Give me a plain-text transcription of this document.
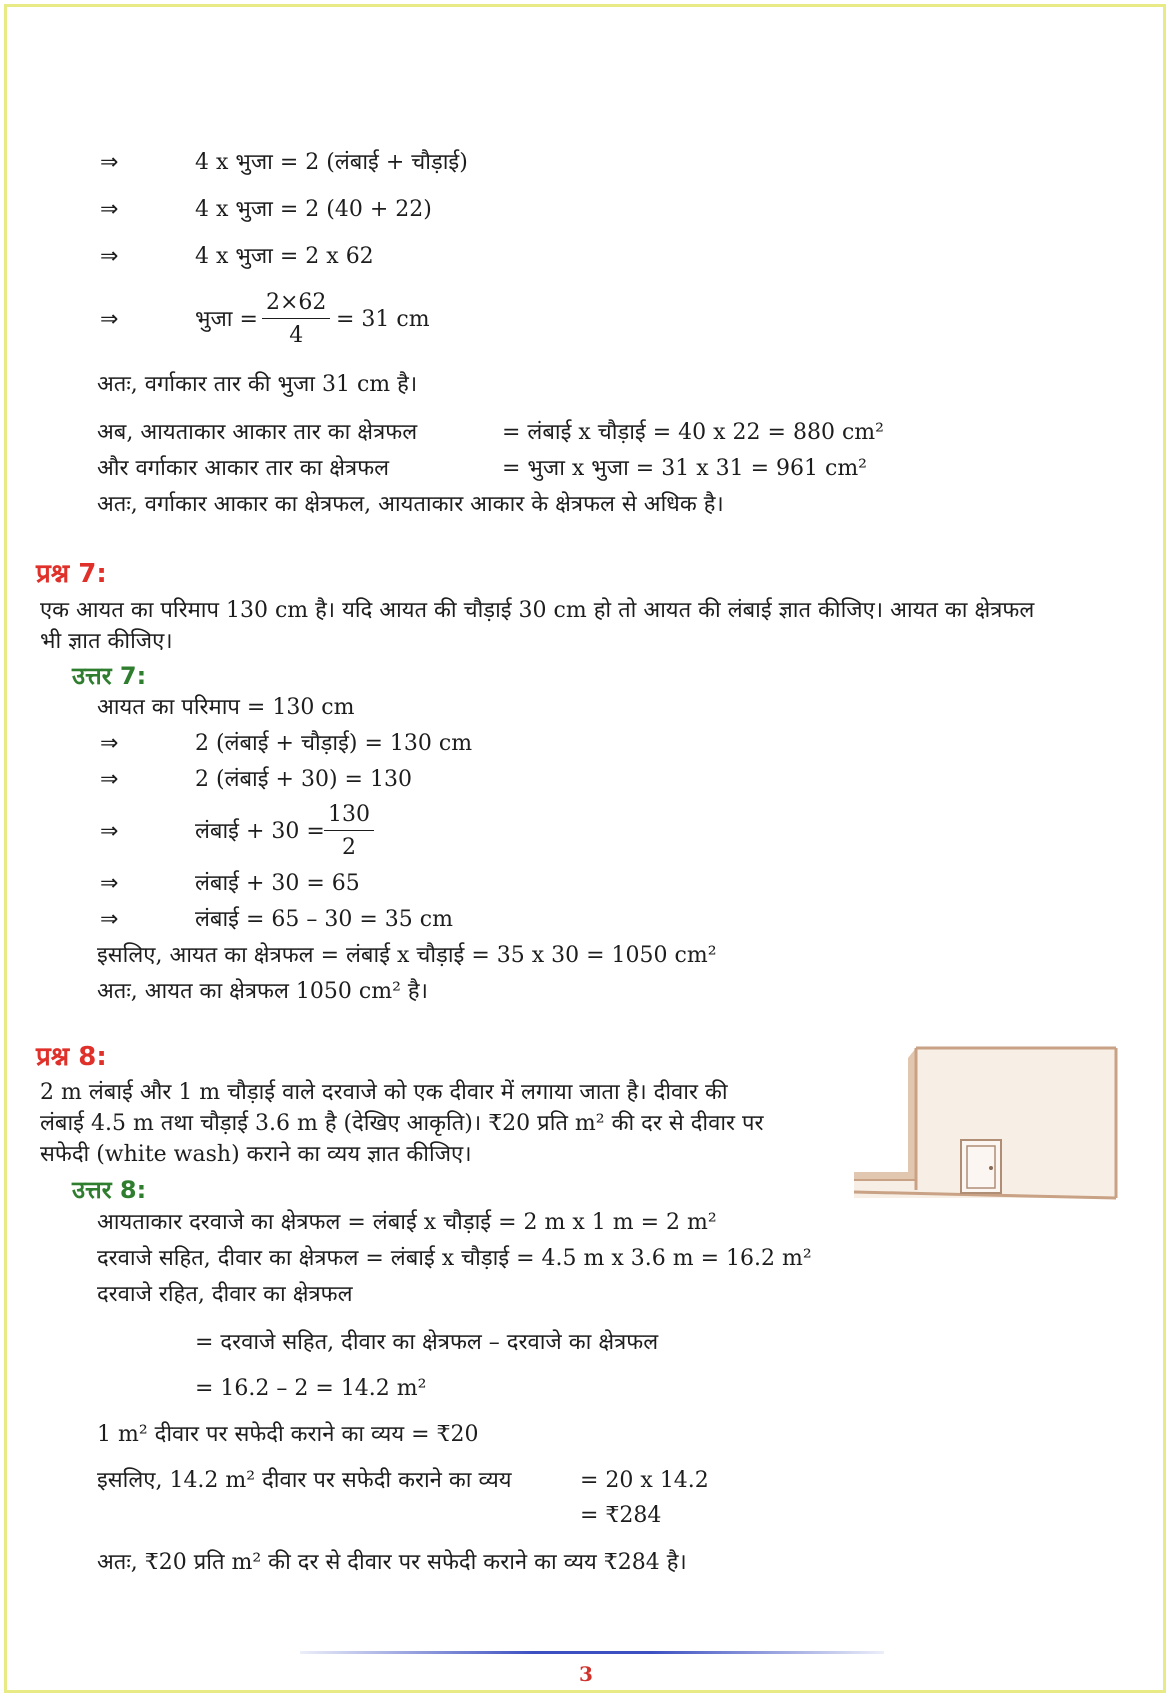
⇒	4 x भुजा = 2 (लंबाई + चौड़ाई)
⇒	4 x भुजा = 2 (40 + 22)
⇒	4 x भुजा = 2 x 62
⇒	भुजा = $\frac{2\times 62}{4} = 31$ cm
अतः, वर्गाकार तार की भुजा 31 cm है।
अब, आयताकार आकार तार का क्षेत्रफल	= लंबाई x चौड़ाई = 40 x 22 = 880 cm²
और वर्गाकार आकार तार का क्षेत्रफल	= भुजा x भुजा = 31 x 31 = 961 cm²
अतः, वर्गाकार आकार का क्षेत्रफल, आयताकार आकार के क्षेत्रफल से अधिक है।
प्रश्न 7:
एक आयत का परिमाप 130 cm है। यदि आयत की चौड़ाई 30 cm हो तो आयत की लंबाई ज्ञात कीजिए। आयत का क्षेत्रफल
भी ज्ञात कीजिए।
उत्तर 7:
आयत का परिमाप = 130 cm
⇒	2 (लंबाई + चौड़ाई) = 130 cm
⇒	2 (लंबाई + 30) = 130
⇒	लंबाई + $30 = \frac{130}{2}$
⇒	लंबाई + 30 = 65
⇒	लंबाई = 65 – 30 = 35 cm
इसलिए, आयत का क्षेत्रफल = लंबाई x चौड़ाई = 35 x 30 = 1050 cm²
अतः, आयत का क्षेत्रफल 1050 cm² है।
प्रश्न 8:
2 m लंबाई और 1 m चौड़ाई वाले दरवाजे को एक दीवार में लगाया जाता है। दीवार की
लंबाई 4.5 m तथा चौड़ाई 3.6 m है (देखिए आकृति)। ₹20 प्रति m² की दर से दीवार पर
सफेदी (white wash) कराने का व्यय ज्ञात कीजिए।
उत्तर 8:
आयताकार दरवाजे का क्षेत्रफल = लंबाई x चौड़ाई = 2 m x 1 m = 2 m²
दरवाजे सहित, दीवार का क्षेत्रफल = लंबाई x चौड़ाई = 4.5 m x 3.6 m = 16.2 m²
दरवाजे रहित, दीवार का क्षेत्रफल
= दरवाजे सहित, दीवार का क्षेत्रफल – दरवाजे का क्षेत्रफल
= 16.2 – 2 = 14.2 m²
1 m² दीवार पर सफेदी कराने का व्यय = ₹20
इसलिए, 14.2 m² दीवार पर सफेदी कराने का व्यय	= 20 x 14.2
= ₹284
अतः, ₹20 प्रति m² की दर से दीवार पर सफेदी कराने का व्यय ₹284 है।
3
